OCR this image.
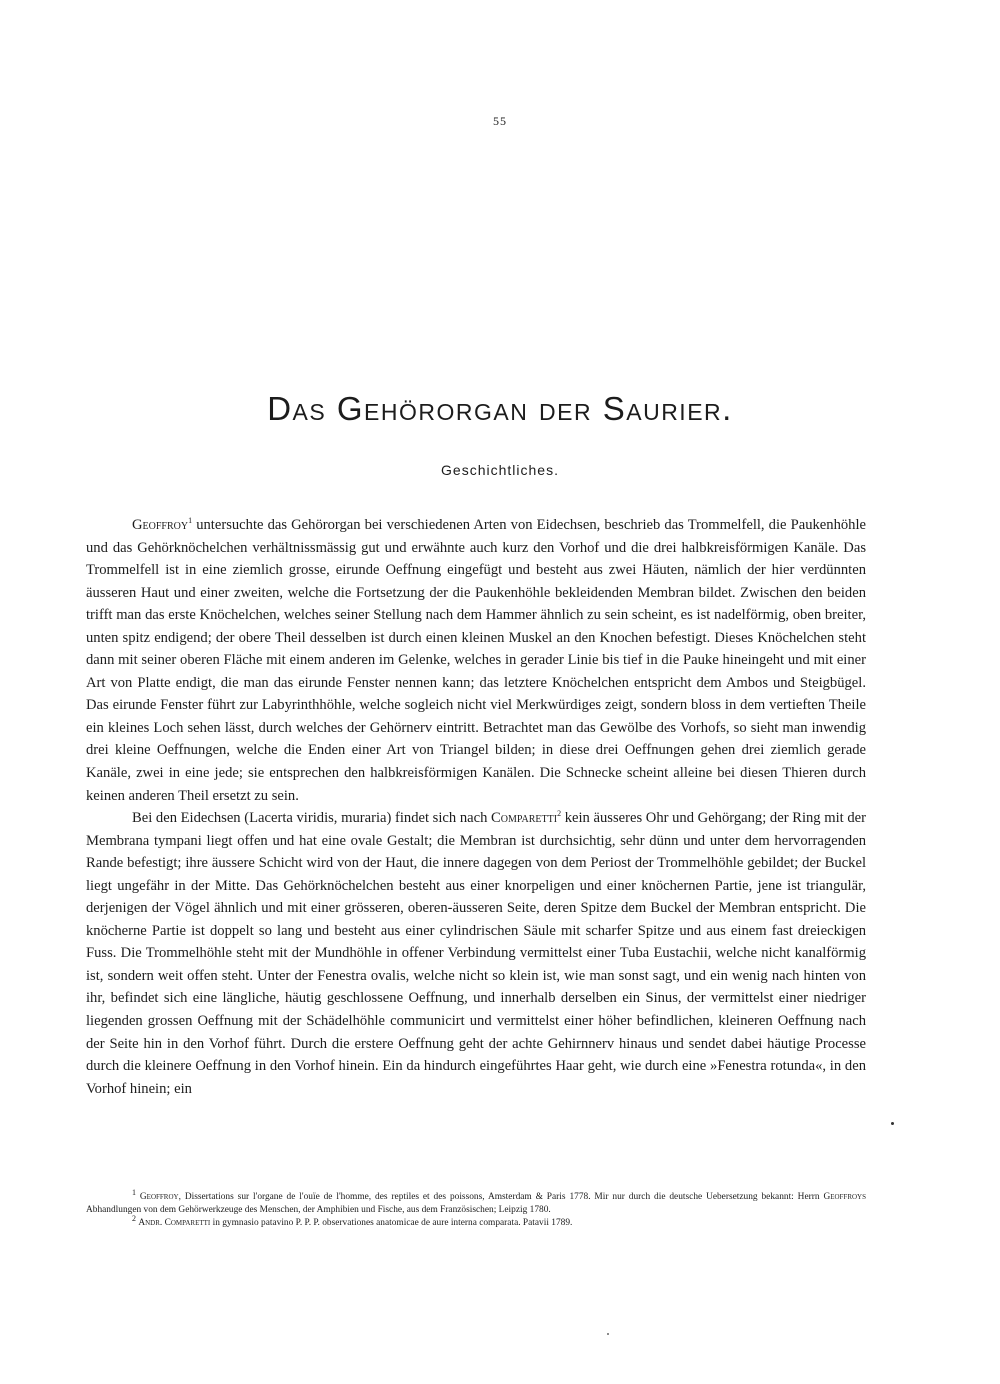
55
Das Gehörorgan der Saurier.
Geschichtliches.

Geoffroy$^1$ untersuchte das Gehörorgan bei verschiedenen Arten von Eidechsen, beschrieb das Trommelfell, die Paukenhöhle und das Gehörknöchelchen verhältnissmässig gut und erwähnte auch kurz den Vorhof und die drei halbkreisförmigen Kanäle. Das Trommelfell ist in eine ziemlich grosse, eirunde Oeffnung eingefügt und besteht aus zwei Häuten, nämlich der hier verdünnten äusseren Haut und einer zweiten, welche die Fortsetzung der die Paukenhöhle bekleidenden Membran bildet. Zwischen den beiden trifft man das erste Knöchelchen, welches seiner Stellung nach dem Hammer ähnlich zu sein scheint, es ist nadelförmig, oben breiter, unten spitz endigend; der obere Theil desselben ist durch einen kleinen Muskel an den Knochen befestigt. Dieses Knöchelchen steht dann mit seiner oberen Fläche mit einem anderen im Gelenke, welches in gerader Linie bis tief in die Pauke hineingeht und mit einer Art von Platte endigt, die man das eirunde Fenster nennen kann; das letztere Knöchelchen entspricht dem Ambos und Steigbügel. Das eirunde Fenster führt zur Labyrinthhöhle, welche sogleich nicht viel Merkwürdiges zeigt, sondern bloss in dem vertieften Theile ein kleines Loch sehen lässt, durch welches der Gehörnerv eintritt. Betrachtet man das Gewölbe des Vorhofs, so sieht man inwendig drei kleine Oeffnungen, welche die Enden einer Art von Triangel bilden; in diese drei Oeffnungen gehen drei ziemlich gerade Kanäle, zwei in eine jede; sie entsprechen den halbkreisförmigen Kanälen. Die Schnecke scheint alleine bei diesen Thieren durch keinen anderen Theil ersetzt zu sein.

Bei den Eidechsen (Lacerta viridis, muraria) findet sich nach Comparetti$^2$ kein äusseres Ohr und Gehörgang; der Ring mit der Membrana tympani liegt offen und hat eine ovale Gestalt; die Membran ist durchsichtig, sehr dünn und unter dem hervorragenden Rande befestigt; ihre äussere Schicht wird von der Haut, die innere dagegen von dem Periost der Trommelhöhle gebildet; der Buckel liegt ungefähr in der Mitte. Das Gehörknöchelchen besteht aus einer knorpeligen und einer knöchernen Partie, jene ist triangulär, derjenigen der Vögel ähnlich und mit einer grösseren, oberen-äusseren Seite, deren Spitze dem Buckel der Membran entspricht. Die knöcherne Partie ist doppelt so lang und besteht aus einer cylindrischen Säule mit scharfer Spitze und aus einem fast dreieckigen Fuss. Die Trommelhöhle steht mit der Mundhöhle in offener Verbindung vermittelst einer Tuba Eustachii, welche nicht kanalförmig ist, sondern weit offen steht. Unter der Fenestra ovalis, welche nicht so klein ist, wie man sonst sagt, und ein wenig nach hinten von ihr, befindet sich eine längliche, häutig geschlossene Oeffnung, und innerhalb derselben ein Sinus, der vermittelst einer niedriger liegenden grossen Oeffnung mit der Schädelhöhle communicirt und vermittelst einer höher befindlichen, kleineren Oeffnung nach der Seite hin in den Vorhof führt. Durch die erstere Oeffnung geht der achte Gehirnnerv hinaus und sendet dabei häutige Processe durch die kleinere Oeffnung in den Vorhof hinein. Ein da hindurch eingeführtes Haar geht, wie durch eine »Fenestra rotunda«, in den Vorhof hinein; ein

$^1$ Geoffroy, Dissertations sur l'organe de l'ouïe de l'homme, des reptiles et des poissons, Amsterdam & Paris 1778. Mir nur durch die deutsche Uebersetzung bekannt: Herrn Geoffroys Abhandlungen von dem Gehörwerkzeuge des Menschen, der Amphibien und Fische, aus dem Französischen; Leipzig 1780.

$^2$ Andr. Comparetti in gymnasio patavino P. P. P. observationes anatomicae de aure interna comparata. Patavii 1789.
